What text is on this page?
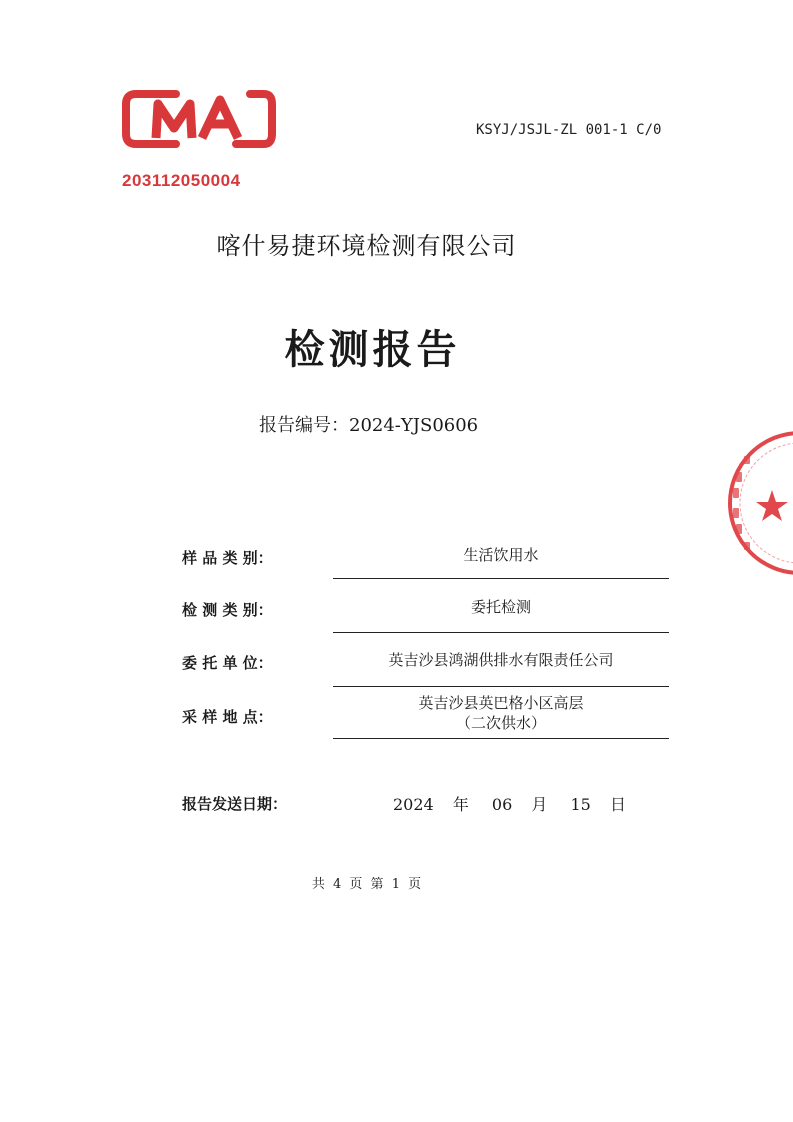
203112050004
KSYJ/JSJL-ZL 001-1 C/0
喀什易捷环境检测有限公司
检测报告
报告编号：2024-YJS0606
样 品 类 别：	生活饮用水
检 测 类 别：	委托检测
委 托 单 位：	英吉沙县鸿湖供排水有限责任公司
采 样 地 点：
英吉沙县英巴格小区高层
（二次供水）
报告发送日期：	2024 年 06 月 15 日
共 4 页 第 1 页
